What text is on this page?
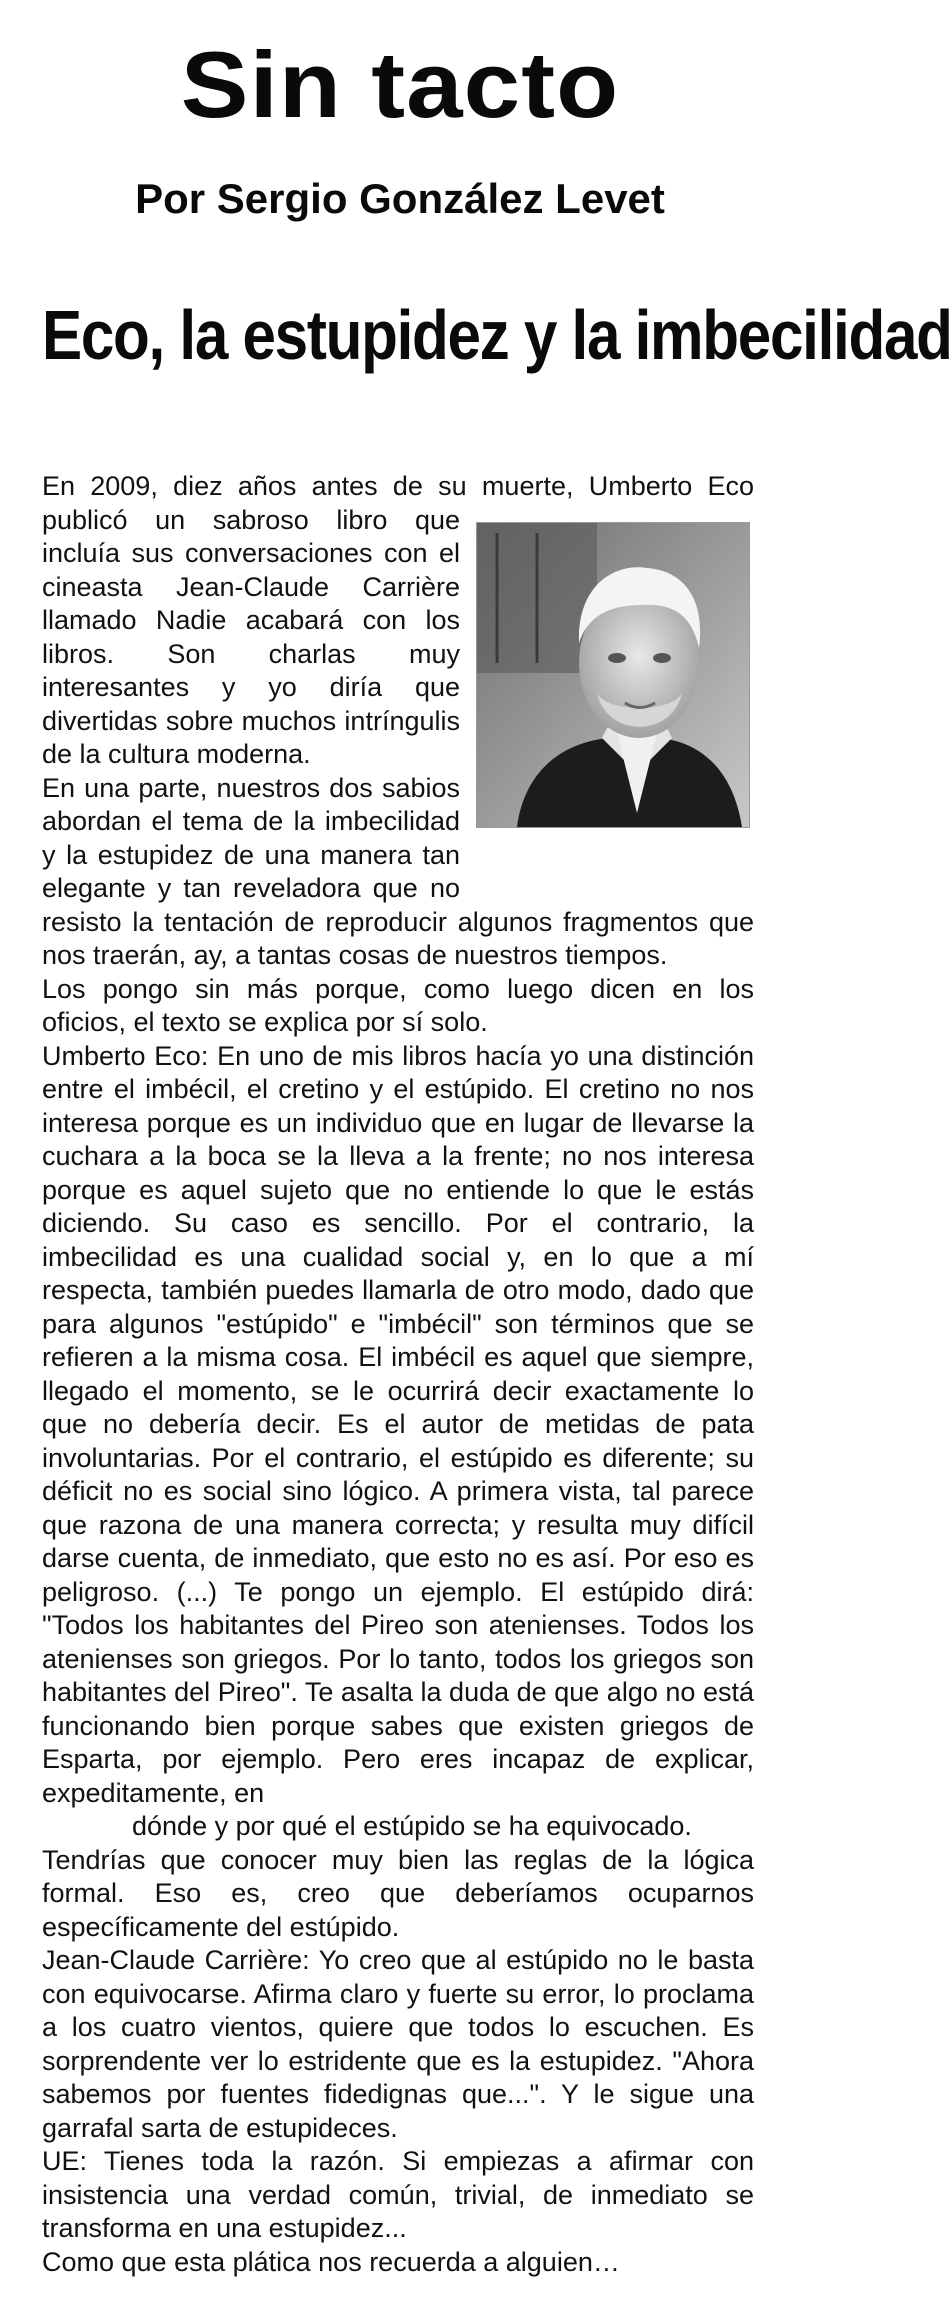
Sin tacto
Por Sergio González Levet
Eco, la estupidez y la imbecilidad
En 2009, diez años antes de su muerte, Umberto Eco publicó un sabroso libro que incluía sus conversaciones con el cineasta Jean-Claude Carrière llamado Nadie acabará con los libros. Son charlas muy interesantes y yo diría que divertidas sobre muchos intríngulis de la cultura moderna.
En una parte, nuestros dos sabios abordan el tema de la imbecilidad y la estupidez de una manera tan elegante y tan reveladora que no resisto la tentación de reproducir algunos fragmentos que nos traerán, ay, a tantas cosas de nuestros tiempos.
Los pongo sin más porque, como luego dicen en los oficios, el texto se explica por sí solo.
Umberto Eco: En uno de mis libros hacía yo una distinción entre el imbécil, el cretino y el estúpido. El cretino no nos interesa porque es un individuo que en lugar de llevarse la cuchara a la boca se la lleva a la frente; no nos interesa porque es aquel sujeto que no entiende lo que le estás diciendo. Su caso es sencillo. Por el contrario, la imbecilidad es una cualidad social y, en lo que a mí respecta, también puedes llamarla de otro modo, dado que para algunos "estúpido" e "imbécil" son términos que se refieren a la misma cosa. El imbécil es aquel que siempre, llegado el momento, se le ocurrirá decir exactamente lo que no debería decir. Es el autor de metidas de pata involuntarias. Por el contrario, el estúpido es diferente; su déficit no es social sino lógico. A primera vista, tal parece que razona de una manera correcta; y resulta muy difícil darse cuenta, de inmediato, que esto no es así. Por eso es peligroso. (...) Te pongo un ejemplo. El estúpido dirá: "Todos los habitantes del Pireo son atenienses. Todos los atenienses son griegos. Por lo tanto, todos los griegos son habitantes del Pireo". Te asalta la duda de que algo no está funcionando bien porque sabes que existen griegos de Esparta, por ejemplo. Pero eres incapaz de explicar, expeditamente, en
dónde y por qué el estúpido se ha equivocado.
Tendrías que conocer muy bien las reglas de la lógica formal. Eso es, creo que deberíamos ocuparnos específicamente del estúpido.
Jean-Claude Carrière: Yo creo que al estúpido no le basta con equivocarse. Afirma claro y fuerte su error, lo proclama a los cuatro vientos, quiere que todos lo escuchen. Es sorprendente ver lo estridente que es la estupidez. "Ahora sabemos por fuentes fidedignas que...". Y le sigue una garrafal sarta de estupideces.
UE: Tienes toda la razón. Si empiezas a afirmar con insistencia una verdad común, trivial, de inmediato se transforma en una estupidez...
Como que esta plática nos recuerda a alguien…
